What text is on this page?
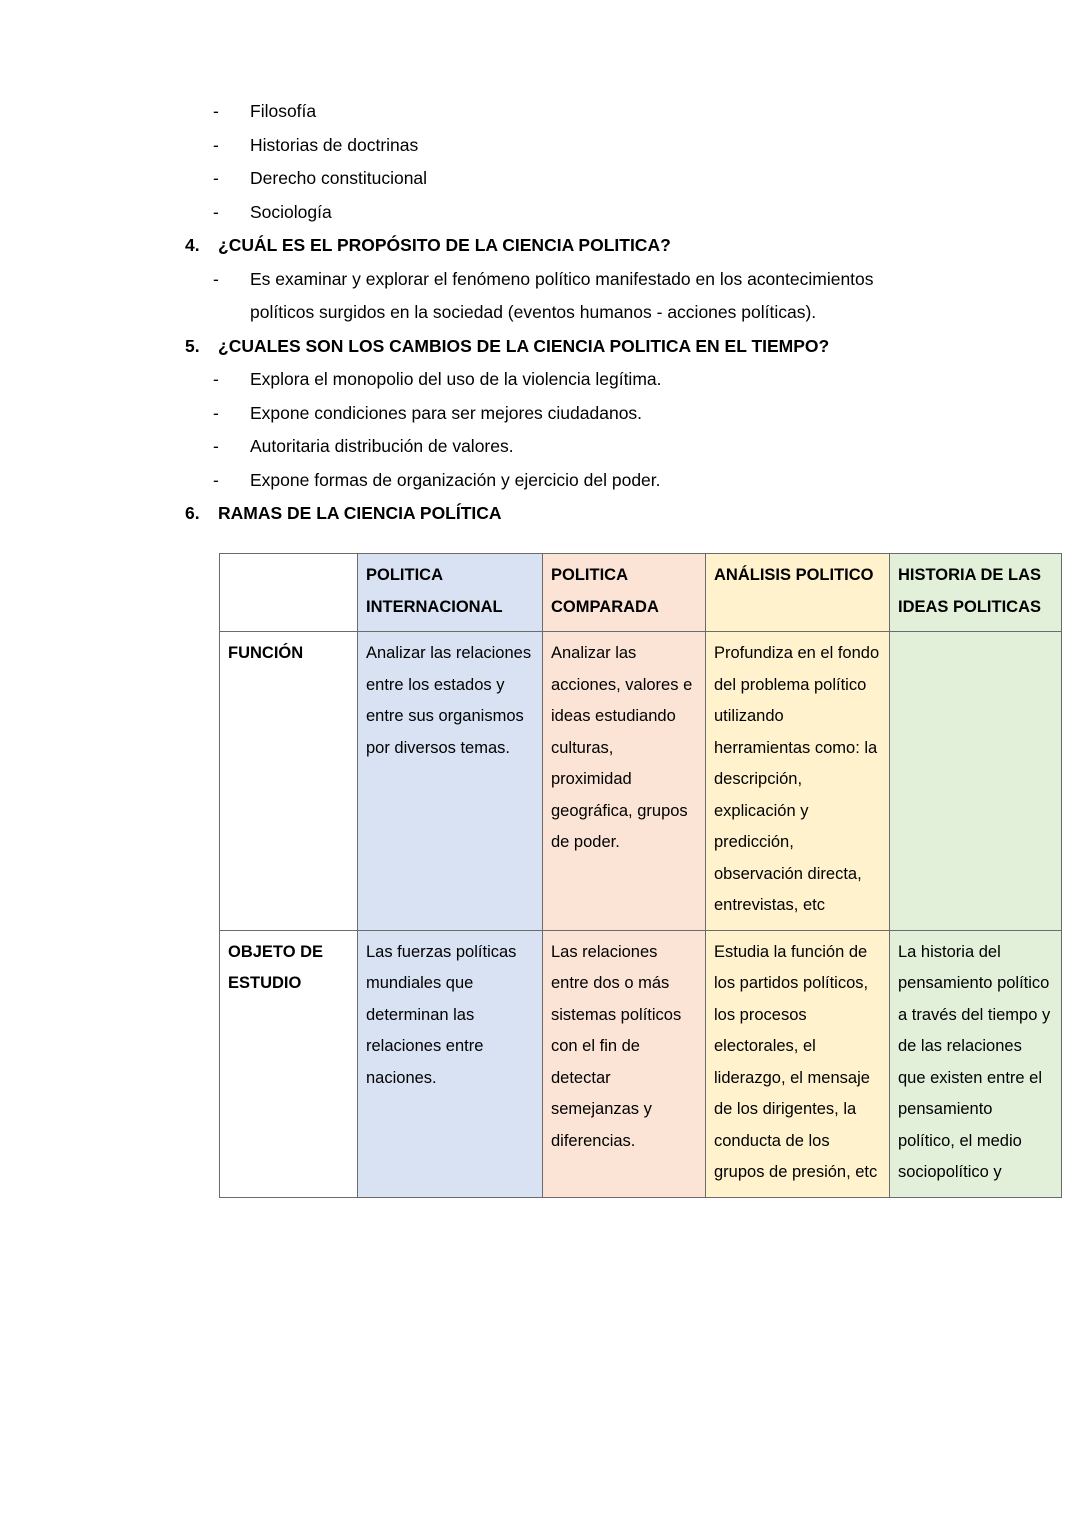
- Filosofía
- Historias de doctrinas
- Derecho constitucional
- Sociología
4. ¿CUÁL ES EL PROPÓSITO DE LA CIENCIA POLITICA?
- Es examinar y explorar el fenómeno político manifestado en los acontecimientos políticos surgidos en la sociedad (eventos humanos - acciones políticas).
5. ¿CUALES SON LOS CAMBIOS DE LA CIENCIA POLITICA EN EL TIEMPO?
- Explora el monopolio del uso de la violencia legítima.
- Expone condiciones para ser mejores ciudadanos.
- Autoritaria distribución de valores.
- Expone formas de organización y ejercicio del poder.
6. RAMAS DE LA CIENCIA POLÍTICA
	POLITICA INTERNACIONAL	POLITICA COMPARADA	ANÁLISIS POLITICO	HISTORIA DE LAS IDEAS POLITICAS
FUNCIÓN	Analizar las relaciones entre los estados y entre sus organismos por diversos temas.	Analizar las acciones, valores e ideas estudiando culturas, proximidad geográfica, grupos de poder.	Profundiza en el fondo del problema político utilizando herramientas como: la descripción, explicación y predicción, observación directa, entrevistas, etc	
OBJETO DE ESTUDIO	Las fuerzas políticas mundiales que determinan las relaciones entre naciones.	Las relaciones entre dos o más sistemas políticos con el fin de detectar semejanzas y diferencias.	Estudia la función de los partidos políticos, los procesos electorales, el liderazgo, el mensaje de los dirigentes, la conducta de los grupos de presión, etc	La historia del pensamiento político a través del tiempo y de las relaciones que existen entre el pensamiento político, el medio sociopolítico y
